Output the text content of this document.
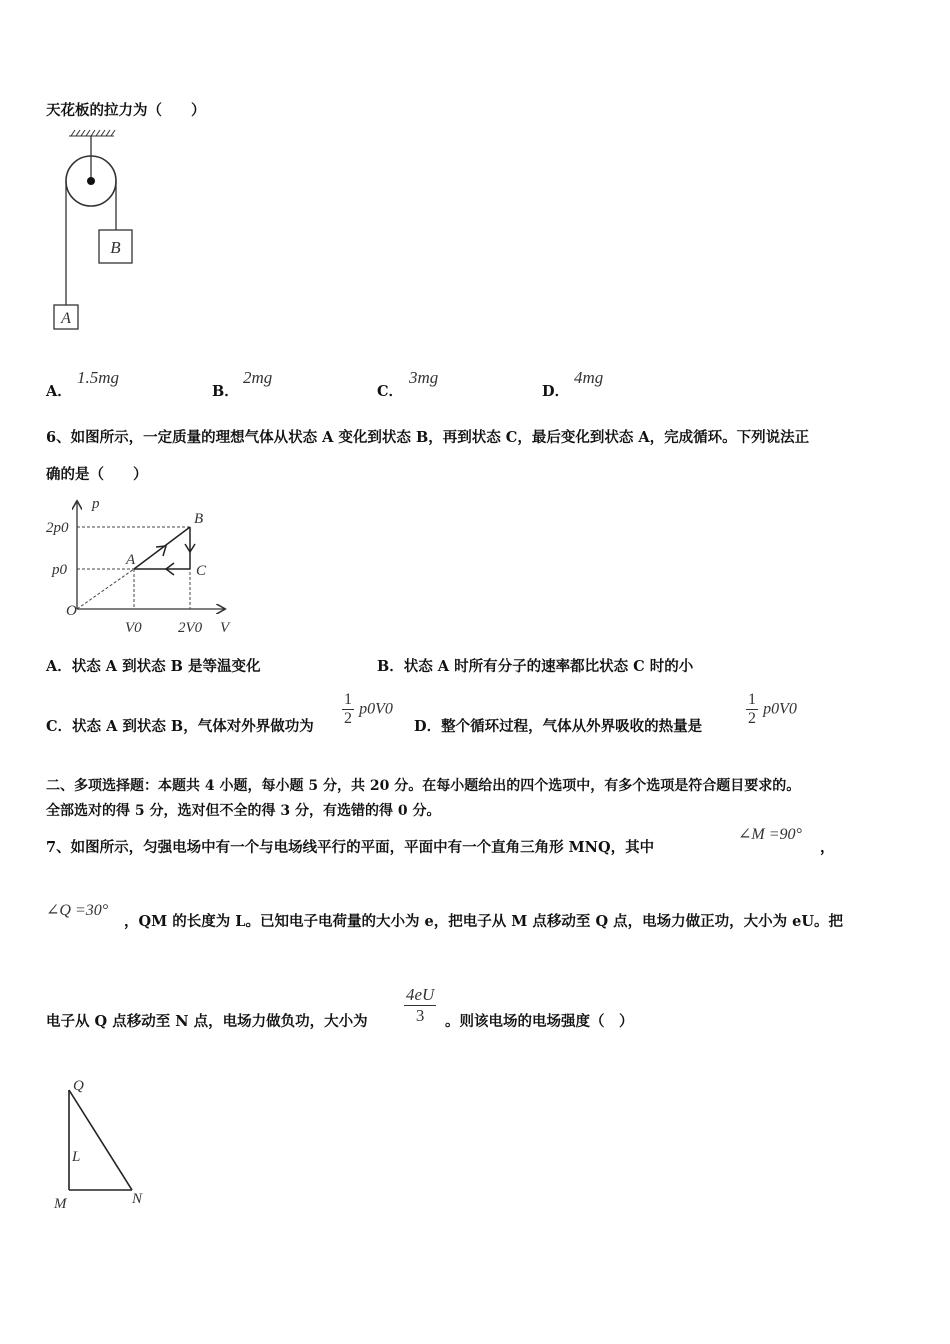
天花板的拉力为（　　）
B
A
A．
1.5mg
B．
2mg
C．
3mg
D．
4mg
6、如图所示，一定质量的理想气体从状态 A 变化到状态 B，再到状态 C，最后变化到状态 A，完成循环。下列说法正
确的是（　　）
p
V
O
2p0
p0
V0 2V0
A
B
C
A．状态 A 到状态 B 是等温变化	B．状态 A 时所有分子的速率都比状态 C 时的小
C．状态 A 到状态 B，气体对外界做功为 $\frac{1}{2} p0V0$
D．整个循环过程，气体从外界吸收的热量是	$\frac{1}{2} p0V0$
二、多项选择题：本题共 4 小题，每小题 5 分，共 20 分。在每小题给出的四个选项中，有多个选项是符合题目要求的。
全部选对的得 5 分，选对但不全的得 3 分，有选错的得 0 分。
7、如图所示，匀强电场中有一个与电场线平行的平面，平面中有一个直角三角形 MNQ，其中
∠M =90°
，
∠Q =30°
，QM 的长度为 L。已知电子电荷量的大小为 e，把电子从 M 点移动至 Q 点，电场力做正功，大小为 eU。把
电子从 Q 点移动至 N 点，电场力做负功，大小为 $\frac{4eU}{3}$ 。则该电场的电场强度（　）
Q
L
M	N
